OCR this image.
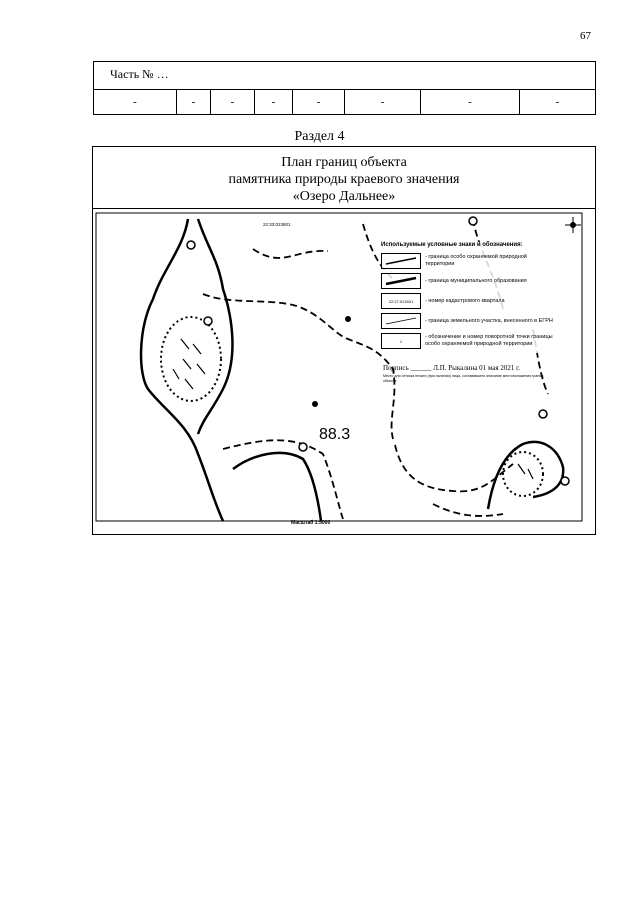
67
Часть № …
-	-	-	-	-	-	-	-
Раздел 4
План границ объекта
памятника природы краевого значения
«Озеро Дальнее»
22:33:023801
88.3
Используемые условные знаки и обозначения:
- граница особо охраняемой природной территории
- граница муниципального образования
22:27:013401	- номер кадастрового квартала
- граница земельного участка, внесенного в ЕГРН
1
- обозначение и номер поворотной точки границы особо охраняемой природной территории
Подпись ______ Л.П. Рыкалина 01 мая 2021 г.
Место для оттиска печати (при наличии) лица, составившего описание местоположения границ объекта
Масштаб 1:5000
